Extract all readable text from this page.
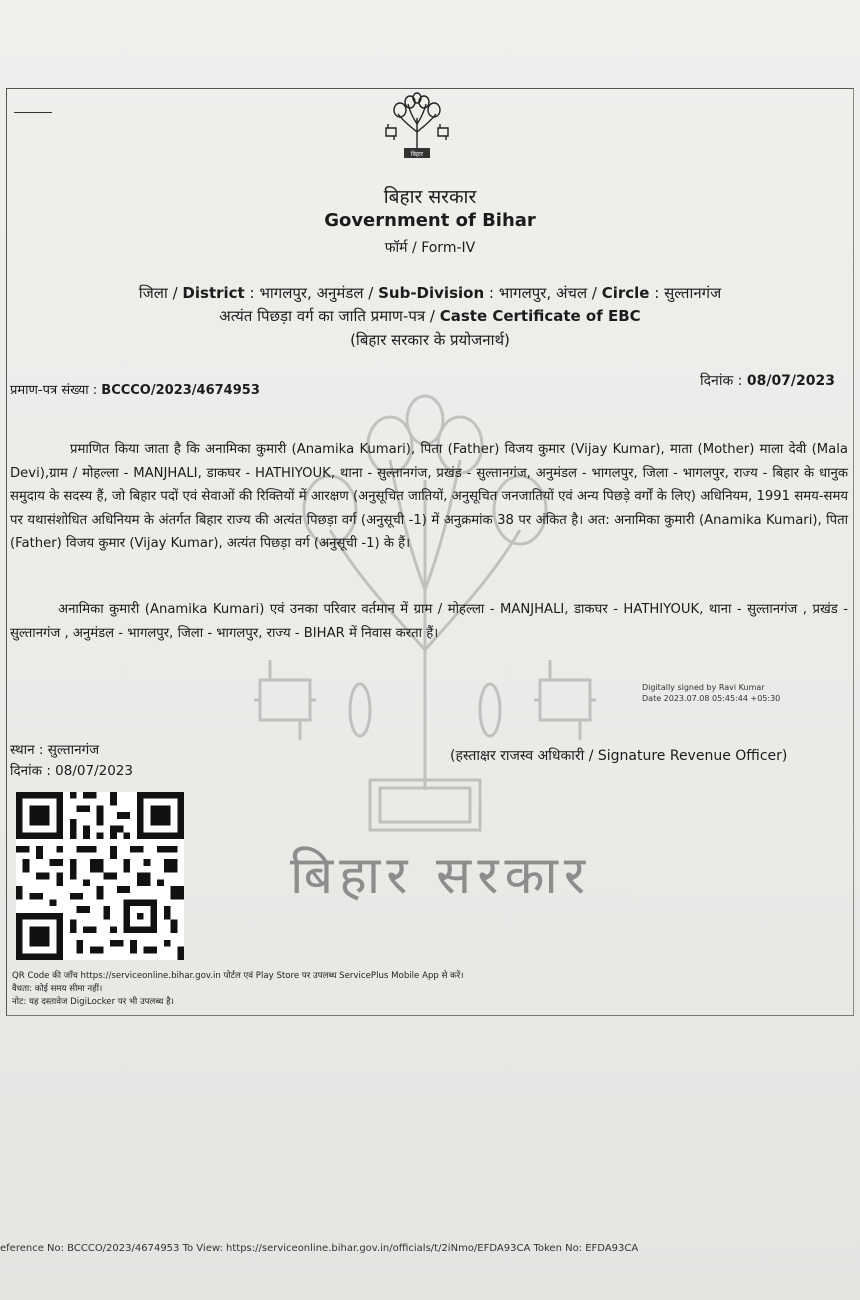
बिहार
बिहार सरकार
बिहार सरकार
Government of Bihar
फॉर्म / Form-IV
जिला / District : भागलपुर, अनुमंडल / Sub-Division : भागलपुर, अंचल / Circle : सुल्तानगंज
अत्यंत पिछड़ा वर्ग का जाति प्रमाण-पत्र / Caste Certificate of EBC
(बिहार सरकार के प्रयोजनार्थ)
प्रमाण-पत्र संख्या : BCCCO/2023/4674953
दिनांक : 08/07/2023
प्रमाणित किया जाता है कि अनामिका कुमारी (Anamika Kumari), पिता (Father) विजय कुमार (Vijay Kumar), माता (Mother) माला देवी (Mala Devi),ग्राम / मोहल्ला - MANJHALI, डाकघर - HATHIYOUK, थाना - सुल्तानगंज, प्रखंड - सुल्तानगंज, अनुमंडल - भागलपुर, जिला - भागलपुर, राज्य - बिहार के धानुक समुदाय के सदस्य हैं, जो बिहार पदों एवं सेवाओं की रिक्तियों में आरक्षण (अनुसूचित जातियों, अनुसूचित जनजातियों एवं अन्य पिछड़े वर्गों के लिए) अधिनियम, 1991 समय-समय पर यथासंशोधित अधिनियम के अंतर्गत बिहार राज्य की अत्यंत पिछड़ा वर्ग (अनुसूची -1) में अनुक्रमांक 38 पर अंकित है। अत: अनामिका कुमारी (Anamika Kumari), पिता (Father) विजय कुमार (Vijay Kumar), अत्यंत पिछड़ा वर्ग (अनुसूची -1) के हैं।
अनामिका कुमारी (Anamika Kumari) एवं उनका परिवार वर्तमान में ग्राम / मोहल्ला - MANJHALI, डाकघर - HATHIYOUK, थाना - सुल्तानगंज , प्रखंड - सुल्तानगंज , अनुमंडल - भागलपुर, जिला - भागलपुर, राज्य - BIHAR में निवास करता हैं।
Digitally signed by Ravi Kumar
Date 2023.07.08 05:45:44 +05:30
स्थान : सुल्तानगंज
दिनांक : 08/07/2023
(हस्ताक्षर राजस्व अधिकारी / Signature Revenue Officer)
QR Code की जाँच https://serviceonline.bihar.gov.in पोर्टल एवं Play Store पर उपलब्ध ServicePlus Mobile App से करें।
वैधता: कोई समय सीमा नहीं।
नोट: यह दस्तावेज DigiLocker पर भी उपलब्ध है।
eference No: BCCCO/2023/4674953 To View: https://serviceonline.bihar.gov.in/officials/t/2iNmo/EFDA93CA Token No: EFDA93CA
